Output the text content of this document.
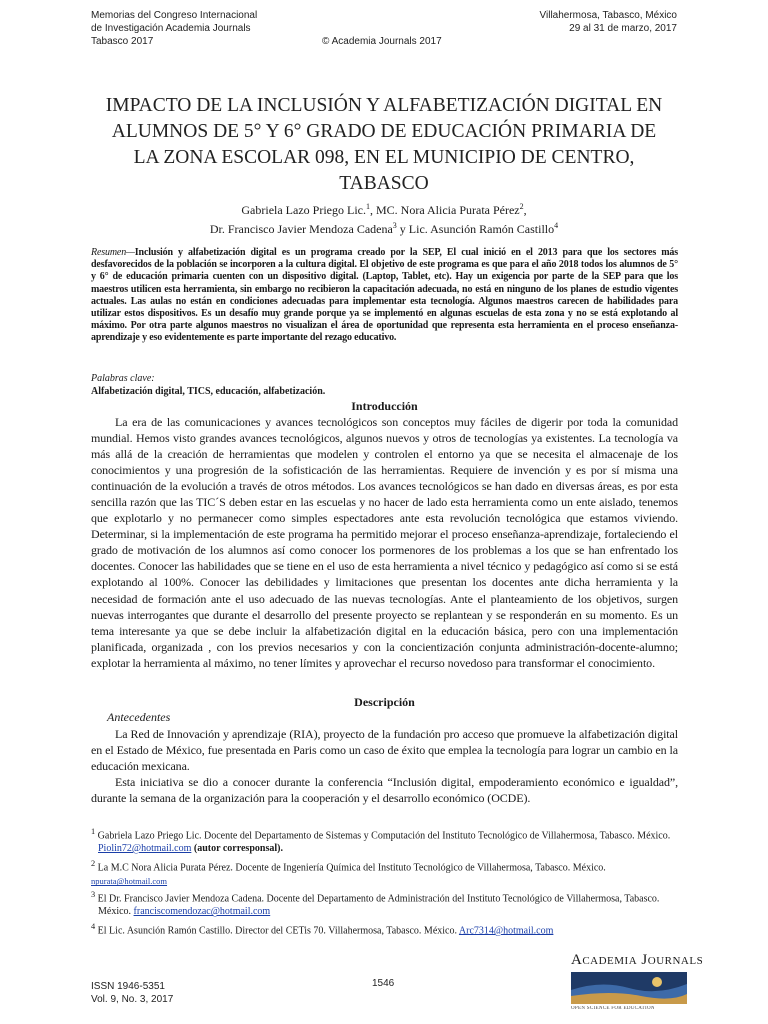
Memorias del Congreso Internacional
de Investigación Academia Journals
Tabasco 2017	© Academia Journals 2017
Villahermosa, Tabasco, México
29 al 31 de marzo, 2017
IMPACTO DE LA INCLUSIÓN Y ALFABETIZACIÓN DIGITAL EN
ALUMNOS DE 5° Y 6° GRADO DE EDUCACIÓN PRIMARIA DE
LA ZONA ESCOLAR 098, EN EL MUNICIPIO DE CENTRO,
TABASCO
Gabriela Lazo Priego Lic.$^1$, MC. Nora Alicia Purata Pérez$^2$,
Dr. Francisco Javier Mendoza Cadena$^3$ y Lic. Asunción Ramón Castillo$^4$
Resumen—Inclusión y alfabetización digital es un programa creado por la SEP, El cual inició en el 2013 para que los sectores más desfavorecidos de la población se incorporen a la cultura digital. El objetivo de este programa es que para el año 2018 todos los alumnos de 5° y 6° de educación primaria cuenten con un dispositivo digital. (Laptop, Tablet, etc). Hay un exigencia por parte de la SEP para que los maestros utilicen esta herramienta, sin embargo no recibieron la capacitación adecuada, no está en ninguno de los planes de estudio vigentes actuales. Las aulas no están en condiciones adecuadas para implementar esta tecnología. Algunos maestros carecen de habilidades para utilizar estos dispositivos. Es un desafío muy grande porque ya se implementó en algunas escuelas de esta zona y no se está explotando al máximo. Por otra parte algunos maestros no visualizan el área de oportunidad que representa esta herramienta en el proceso enseñanza-aprendizaje y eso evidentemente es parte importante del rezago educativo.
Palabras clave:
Alfabetización digital, TICS, educación, alfabetización.
Introducción

La era de las comunicaciones y avances tecnológicos son conceptos muy fáciles de digerir por toda la comunidad mundial. Hemos visto grandes avances tecnológicos, algunos nuevos y otros de tecnologías ya existentes. La tecnología va más allá de la creación de herramientas que modelen y controlen el entorno ya que se necesita el almacenaje de los conocimientos y una progresión de la sofisticación de las herramientas. Requiere de invención y es por sí misma una continuación de la evolución a través de otros métodos. Los avances tecnológicos se han dado en diversas áreas, es por esta sencilla razón que las TIC´S deben estar en las escuelas y no hacer de lado esta herramienta como un ente aislado, tenemos que explotarlo y no permanecer como simples espectadores ante esta revolución tecnológica que estamos viviendo. Determinar, si la implementación de este programa ha permitido mejorar el proceso enseñanza-aprendizaje, fortaleciendo el grado de motivación de los alumnos así como conocer los pormenores de los problemas a los que se han enfrentado los docentes. Conocer las habilidades que se tiene en el uso de esta herramienta a nivel técnico y pedagógico así como si se está explotando al 100%. Conocer las debilidades y limitaciones que presentan los docentes ante dicha herramienta y la necesidad de formación ante el uso adecuado de las nuevas tecnologías. Ante el planteamiento de los objetivos, surgen nuevas interrogantes que durante el desarrollo del presente proyecto se replantean y se responderán en su momento. Es un tema interesante ya que se debe incluir la alfabetización digital en la educación básica, pero con una implementación planificada, organizada , con los previos necesarios y con la concientización conjunta administración-docente-alumno; explotar la herramienta al máximo, no tener límites y aprovechar el recurso novedoso para transformar el conocimiento.

Descripción
Antecedentes

La Red de Innovación y aprendizaje (RIA), proyecto de la fundación pro acceso que promueve la alfabetización digital en el Estado de México, fue presentada en Paris como un caso de éxito que emplea la tecnología para lograr un cambio en la educación mexicana.

Esta iniciativa se dio a conocer durante la conferencia “Inclusión digital, empoderamiento económico e igualdad”, durante la semana de la organización para la cooperación y el desarrollo económico (OCDE).

$^1$ Gabriela Lazo Priego Lic. Docente del Departamento de Sistemas y Computación del Instituto Tecnológico de Villahermosa, Tabasco. México. Piolin72@hotmail.com (autor corresponsal).
$^2$ La M.C Nora Alicia Purata Pérez. Docente de Ingeniería Química del Instituto Tecnológico de Villahermosa, Tabasco. México.
npurata@hotmail.com
$^3$ El Dr. Francisco Javier Mendoza Cadena. Docente del Departamento de Administración del Instituto Tecnológico de Villahermosa, Tabasco. México. franciscomendozac@hotmail.com
$^4$ El Lic. Asunción Ramón Castillo. Director del CETis 70. Villahermosa, Tabasco. México. Arc7314@hotmail.com
ISSN 1946-5351
Vol. 9, No. 3, 2017
1546
Academia Journals
OPEN SCIENCE FOR EDUCATION
